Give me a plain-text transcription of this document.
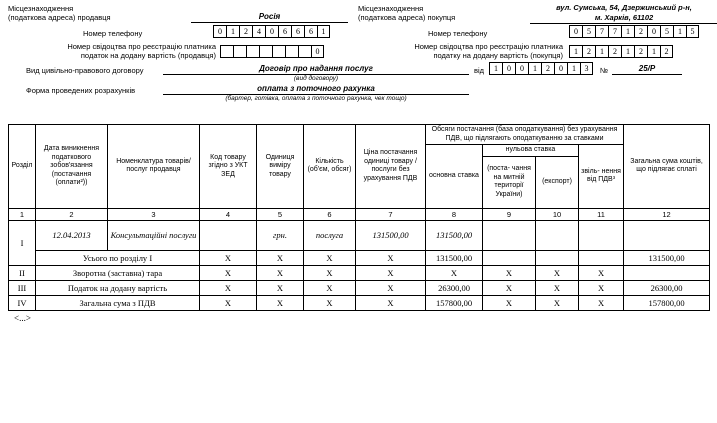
Місцезнаходження
(податкова адреса) продавця	Росія
Місцезнаходження
(податкова адреса) покупця
вул. Сумська, 54, Дзержинський р-н,
м. Харків, 61102
Номер телефону	0	1	2	4	0	6	6	6	1	Номер телефону	0	5	7	7	1	2	0	5	1	5
Номер свідоцтва про реєстрацію платника
податок на додану вартість (продавця)	0
Номер свідоцтва про реєстрацію платника
податку на додану вартість (покупця)	1	2	1	2	1	2	1	2
Вид цивільно-правового договору	Договір про надання послуг
(вид договору)
від	1	0	0	1	2	0	1	3	№	25/Р
Форма проведених розрахунків	оплата з поточного рахунка
(бартер, готівка, оплата з поточного рахунка, чек тощо)
Розділ	Дата виникнення податкового зобов'язання (постачання (оплати²))	Номенклатура товарів/послуг продавця	Код товару згідно з УКТ ЗЕД	Одиниця виміру товару	Кількість (об'єм, обсяг)	Ціна постачання одиниці товару / послуги без урахування ПДВ	Обсяги постачання (база оподаткування) без урахування ПДВ, що підлягають оподаткуванню за ставками				Загальна сума коштів, що підлягає сплаті
							основна ставка	нульова ставка		звіль- нення від ПДВ³	
								(поста- чання на митній території України)	(експорт)		
1	2	3	4	5	6	7	8	9	10	11	12
I	12.04.2013	Консультаційні послуги		грн.	послуга	131500,00	131500,00				
	Усього по розділу I		X	X	X	X	131500,00				131500,00
II	Зворотна (заставна) тара		X	X	X	X	X	X	X	X	
III	Податок на додану вартість		X	X	X	X	26300,00	X	X	X	26300,00
IV	Загальна сума з ПДВ		X	X	X	X	157800,00	X	X	X	157800,00
<...>
